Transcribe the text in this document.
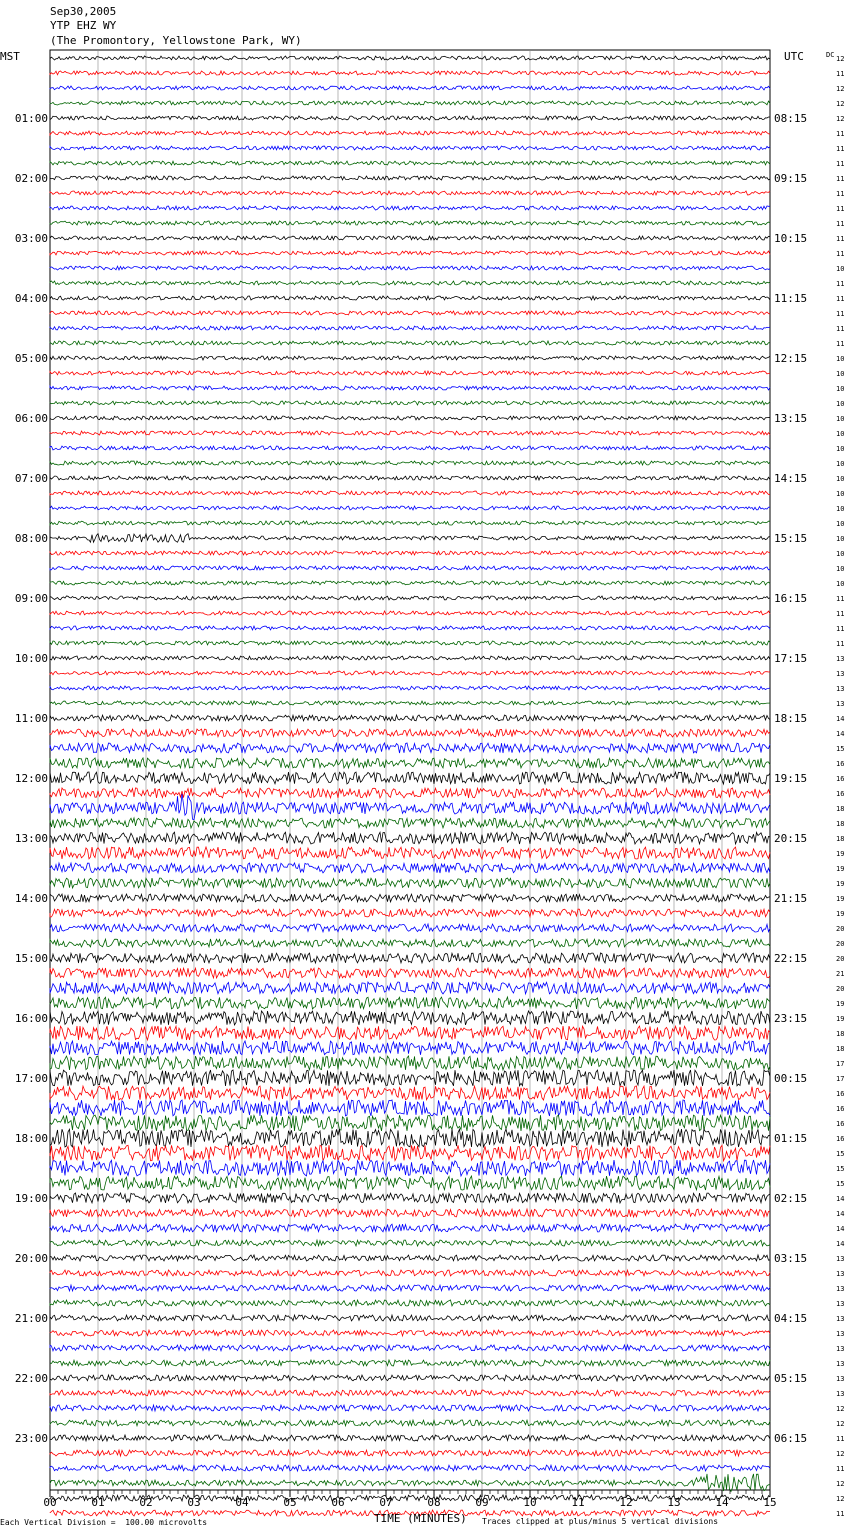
Sep30,2005
YTP EHZ WY
(The Promontory, Yellowstone Park, WY)
12
11
12
12
12
11
11
11
11
11
11
11
11
11
10
11
11
11
11
11
10
10
10
10
10
10
10
10
10
10
10
10
10
10
10
10
11
11
11
11
13
13
13
13
14
14
15
16
16
16
18
18
18
19
19
19
19
19
20
20
20
21
20
19
19
18
18
17
17
16
16
16
16
15
15
15
14
14
14
14
13
13
13
13
13
13
13
13
13
13
12
12
11
12
11
12
12
11
DC
01:00	08:15
02:00	09:15
03:00	10:15
04:00	11:15
05:00	12:15
06:00	13:15
07:00	14:15
08:00	15:15
09:00	16:15
10:00	17:15
11:00	18:15
12:00	19:15
13:00	20:15
14:00	21:15
15:00	22:15
16:00	23:15
17:00	00:15
18:00	01:15
19:00	02:15
20:00	03:15
21:00	04:15
22:00	05:15
23:00	06:15
00	01	02	03	04	05	06	07	08	09	10	11	12	13	14	15
MST	UTC
Each Vertical Division =  100.00 microvolts	TIME (MINUTES) Traces clipped at plus/minus 5 vertical divisions
